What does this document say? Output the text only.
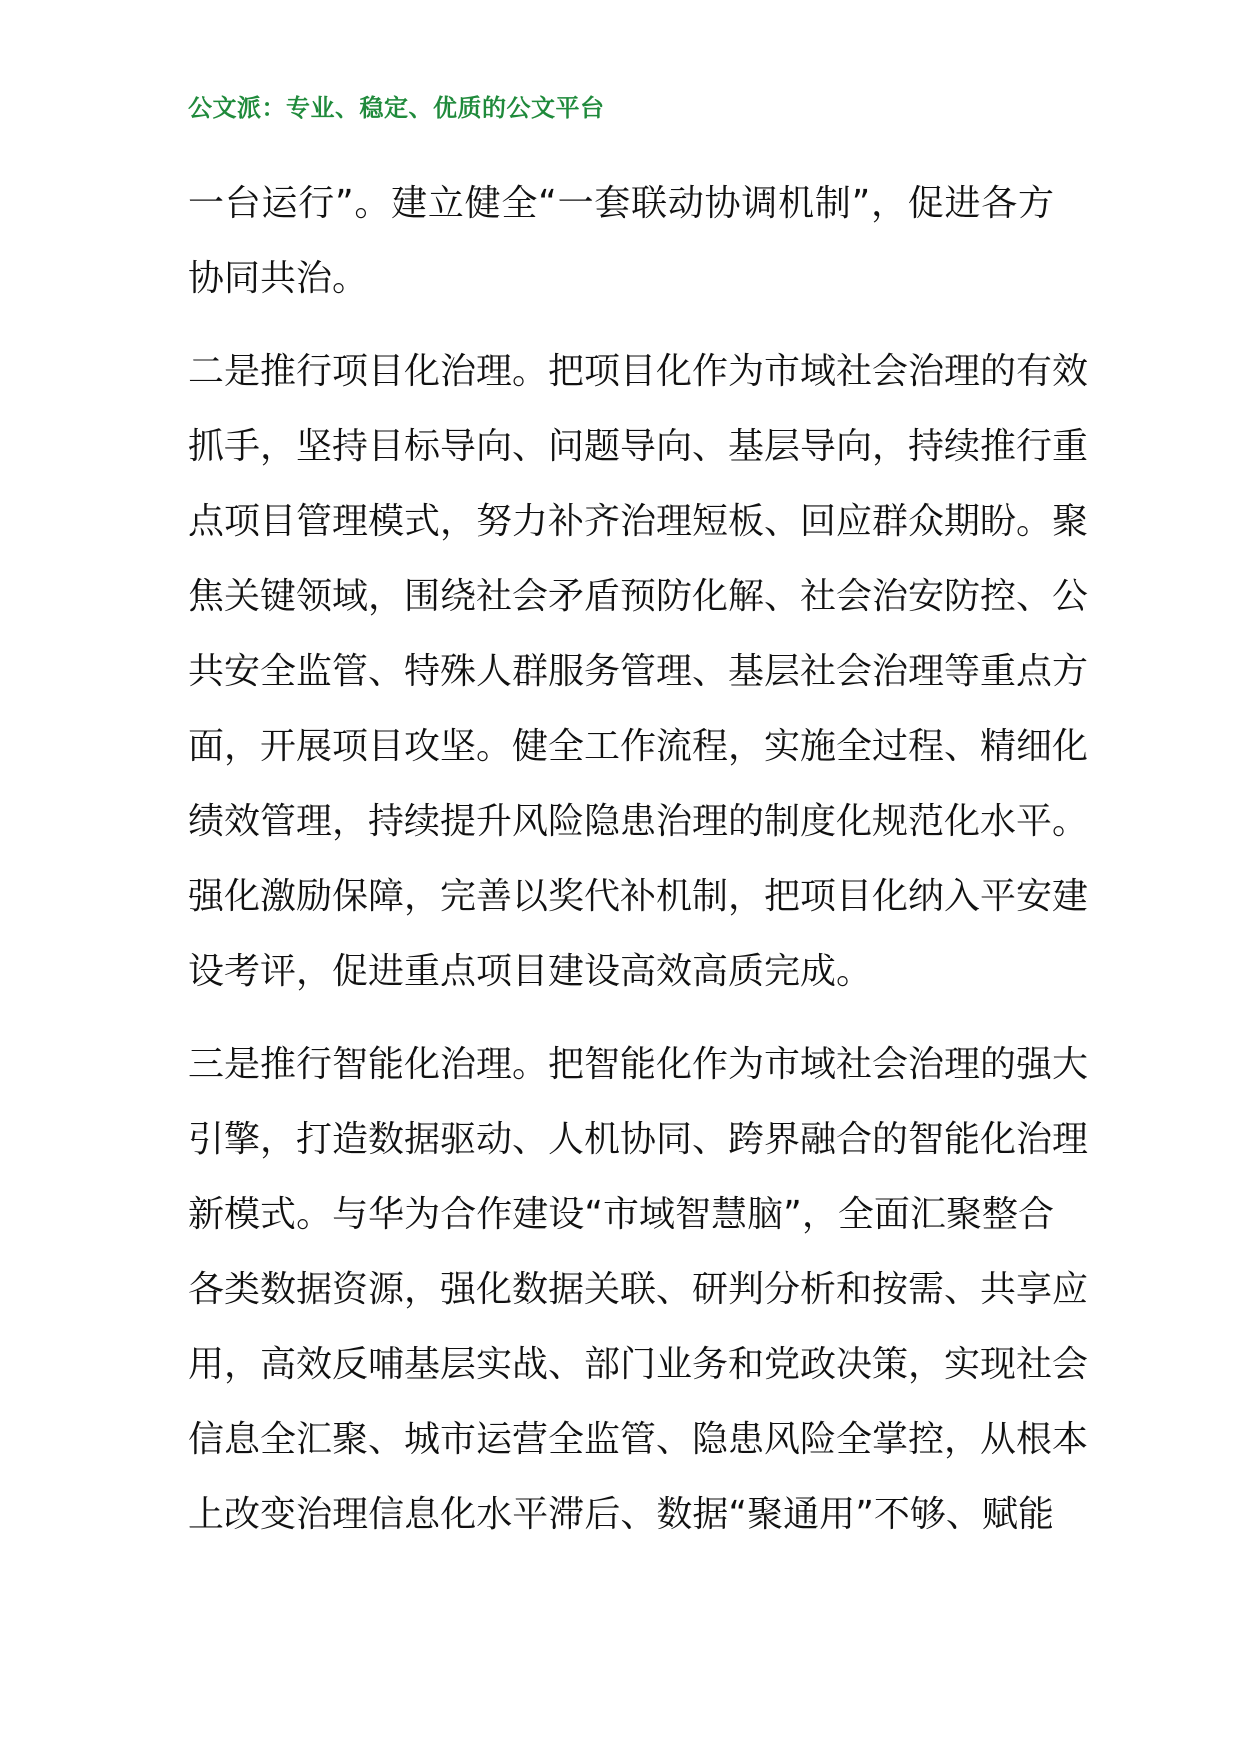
公文派：专业、稳定、优质的公文平台
一台运行”。建立健全“一套联动协调机制”，促进各方
协同共治。
二是推行项目化治理。把项目化作为市域社会治理的有效
抓手，坚持目标导向、问题导向、基层导向，持续推行重
点项目管理模式，努力补齐治理短板、回应群众期盼。聚
焦关键领域，围绕社会矛盾预防化解、社会治安防控、公
共安全监管、特殊人群服务管理、基层社会治理等重点方
面，开展项目攻坚。健全工作流程，实施全过程、精细化
绩效管理，持续提升风险隐患治理的制度化规范化水平。
强化激励保障，完善以奖代补机制，把项目化纳入平安建
设考评，促进重点项目建设高效高质完成。
三是推行智能化治理。把智能化作为市域社会治理的强大
引擎，打造数据驱动、人机协同、跨界融合的智能化治理
新模式。与华为合作建设“市域智慧脑”，全面汇聚整合
各类数据资源，强化数据关联、研判分析和按需、共享应
用，高效反哺基层实战、部门业务和党政决策，实现社会
信息全汇聚、城市运营全监管、隐患风险全掌控，从根本
上改变治理信息化水平滞后、数据“聚通用”不够、赋能
